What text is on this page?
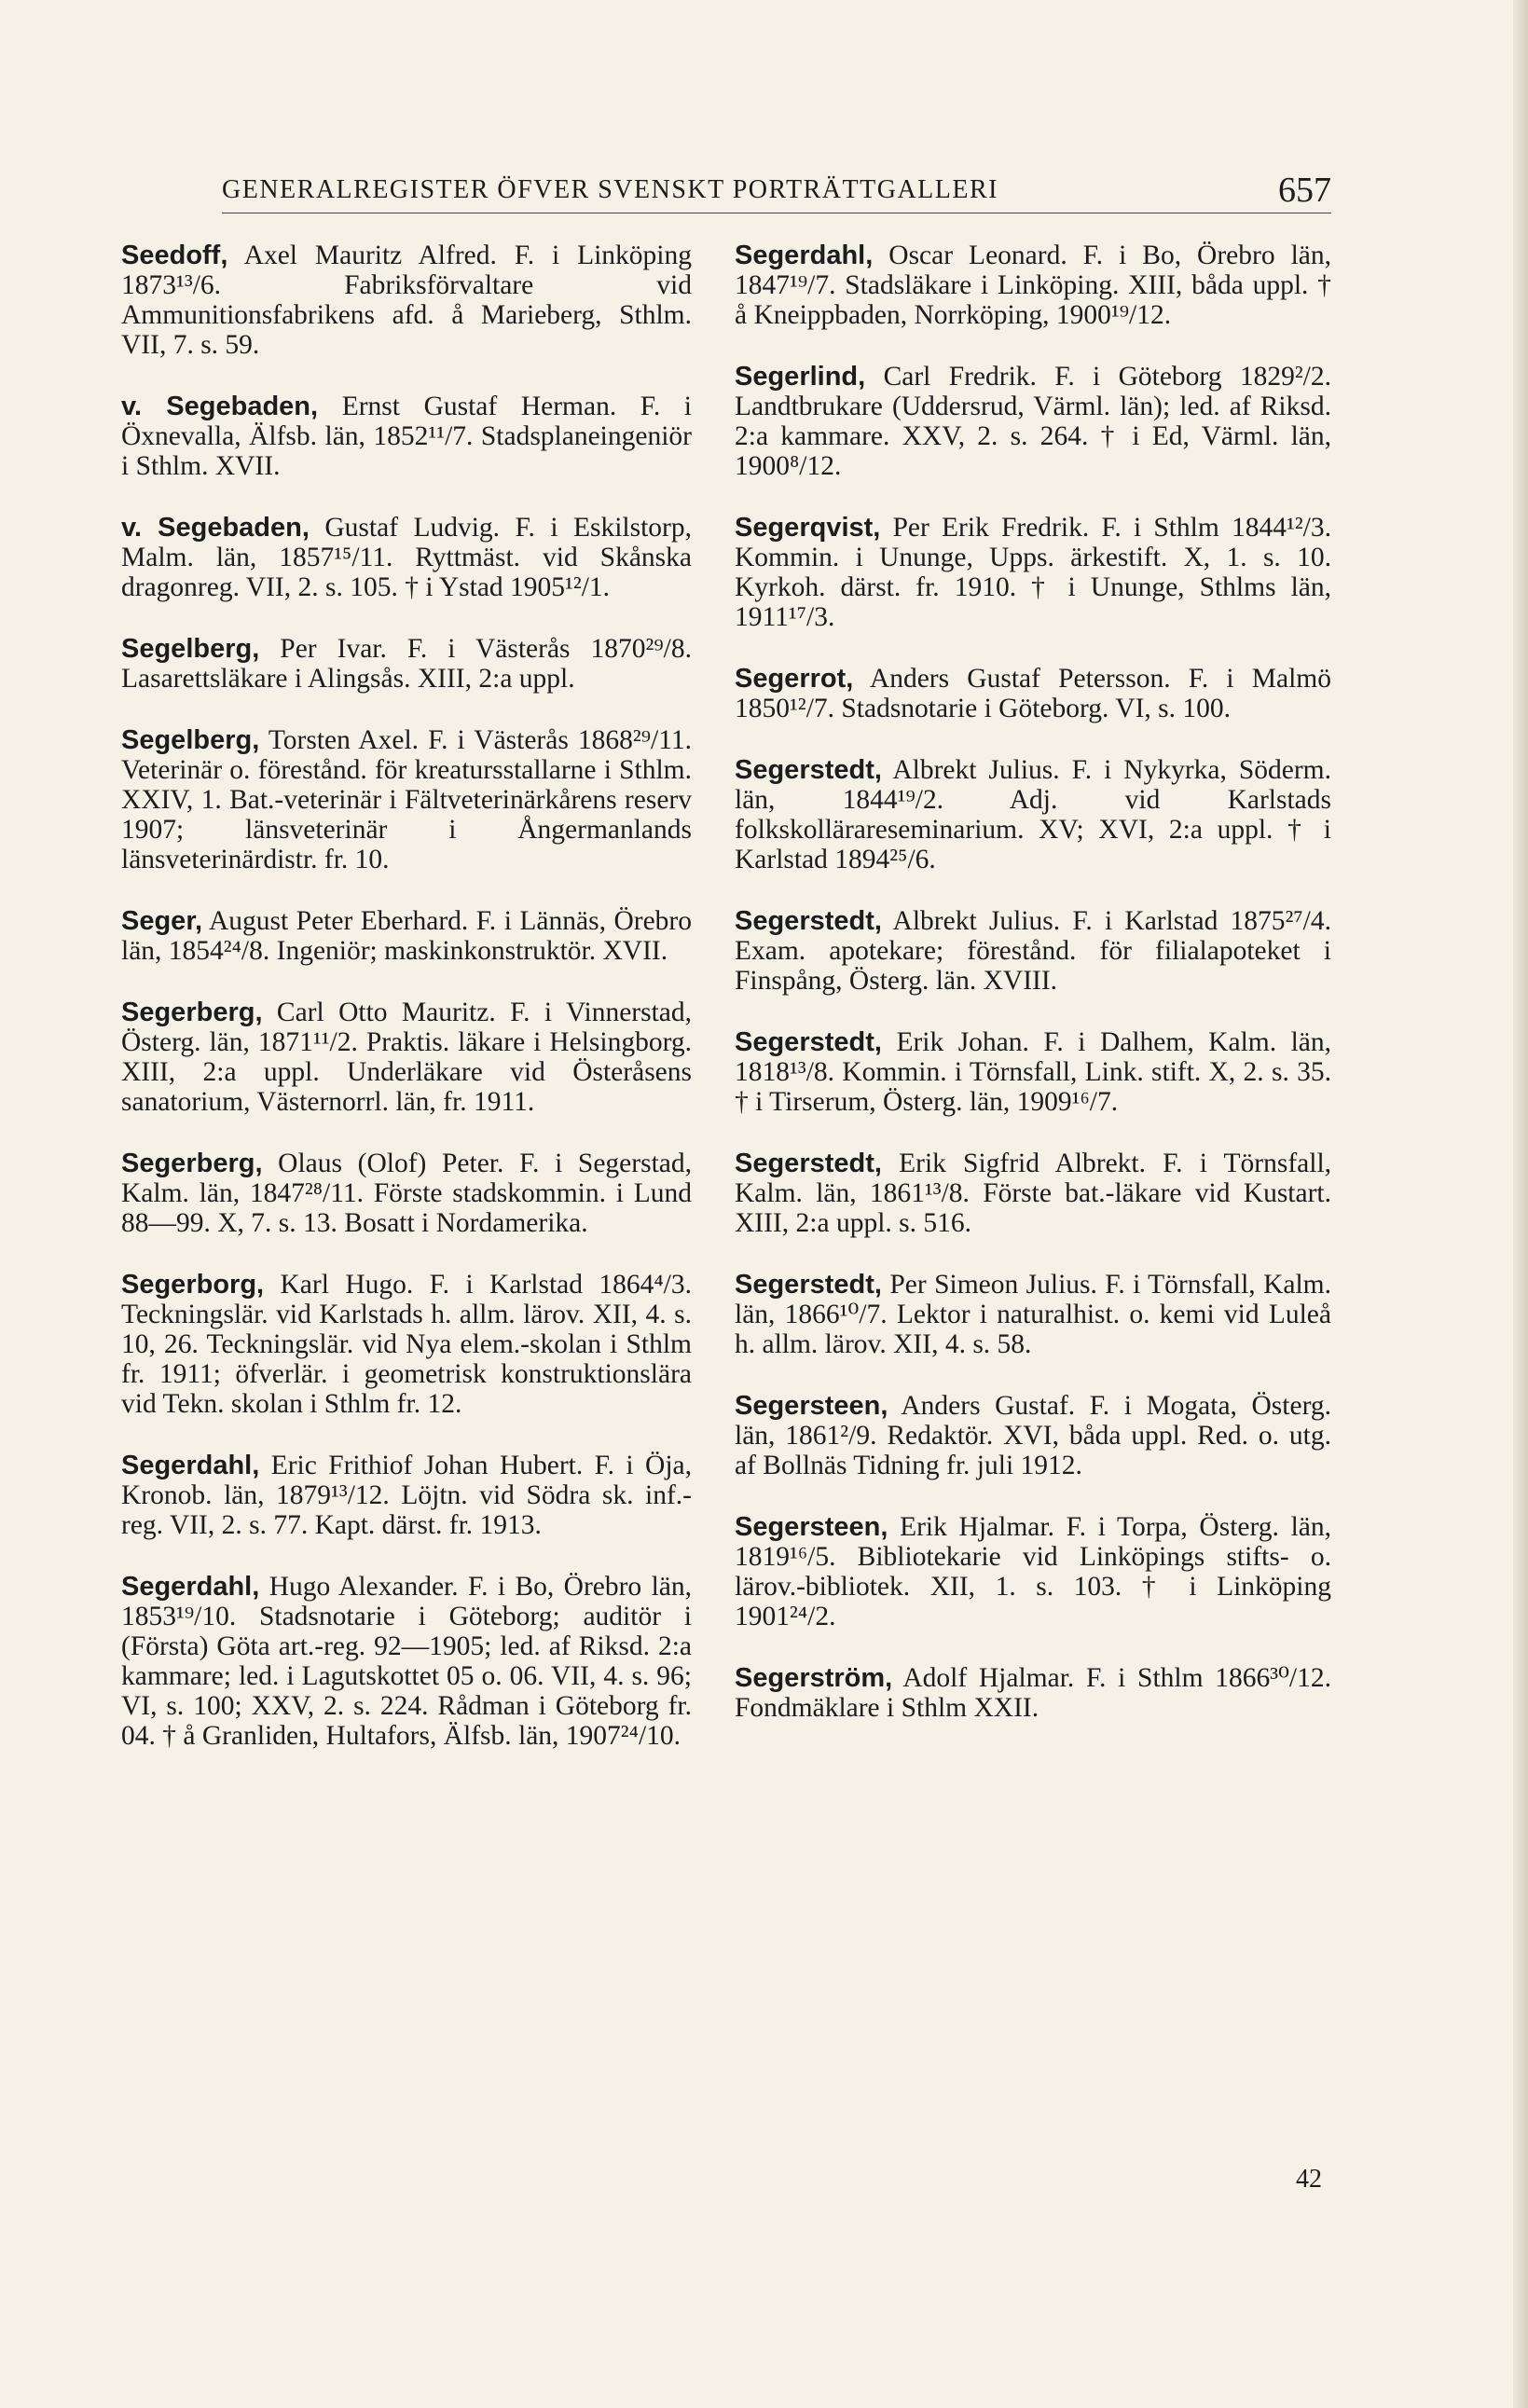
GENERALREGISTER ÖFVER SVENSKT PORTRÄTTGALLERI	657
Seedoff, Axel Mauritz Alfred. F. i Linköping 1873¹³/6. Fabriksförvaltare vid Ammunitionsfabrikens afd. å Marieberg, Sthlm. VII, 7. s. 59.
v. Segebaden, Ernst Gustaf Herman. F. i Öxnevalla, Älfsb. län, 1852¹¹/7. Stadsplaneingeniör i Sthlm. XVII.
v. Segebaden, Gustaf Ludvig. F. i Eskilstorp, Malm. län, 1857¹⁵/11. Ryttmäst. vid Skånska dragonreg. VII, 2. s. 105. † i Ystad 1905¹²/1.
Segelberg, Per Ivar. F. i Västerås 1870²⁹/8. Lasarettsläkare i Alingsås. XIII, 2:a uppl.
Segelberg, Torsten Axel. F. i Västerås 1868²⁹/11. Veterinär o. förestånd. för kreatursstallarne i Sthlm. XXIV, 1. Bat.-veterinär i Fältveterinärkårens reserv 1907; länsveterinär i Ångermanlands länsveterinärdistr. fr. 10.
Seger, August Peter Eberhard. F. i Lännäs, Örebro län, 1854²⁴/8. Ingeniör; maskinkonstruktör. XVII.
Segerberg, Carl Otto Mauritz. F. i Vinnerstad, Österg. län, 1871¹¹/2. Praktis. läkare i Helsingborg. XIII, 2:a uppl. Underläkare vid Österåsens sanatorium, Västernorrl. län, fr. 1911.
Segerberg, Olaus (Olof) Peter. F. i Segerstad, Kalm. län, 1847²⁸/11. Förste stadskommin. i Lund 88—99. X, 7. s. 13. Bosatt i Nordamerika.
Segerborg, Karl Hugo. F. i Karlstad 1864⁴/3. Teckningslär. vid Karlstads h. allm. lärov. XII, 4. s. 10, 26. Teckningslär. vid Nya elem.-skolan i Sthlm fr. 1911; öfverlär. i geometrisk konstruktionslära vid Tekn. skolan i Sthlm fr. 12.
Segerdahl, Eric Frithiof Johan Hubert. F. i Öja, Kronob. län, 1879¹³/12. Löjtn. vid Södra sk. inf.-reg. VII, 2. s. 77. Kapt. därst. fr. 1913.
Segerdahl, Hugo Alexander. F. i Bo, Örebro län, 1853¹⁹/10. Stadsnotarie i Göteborg; auditör i (Första) Göta art.-reg. 92—1905; led. af Riksd. 2:a kammare; led. i Lagutskottet 05 o. 06. VII, 4. s. 96; VI, s. 100; XXV, 2. s. 224. Rådman i Göteborg fr. 04. † å Granliden, Hultafors, Älfsb. län, 1907²⁴/10.
Segerdahl, Oscar Leonard. F. i Bo, Örebro län, 1847¹⁹/7. Stadsläkare i Linköping. XIII, båda uppl. † å Kneippbaden, Norrköping, 1900¹⁹/12.
Segerlind, Carl Fredrik. F. i Göteborg 1829²/2. Landtbrukare (Uddersrud, Värml. län); led. af Riksd. 2:a kammare. XXV, 2. s. 264. † i Ed, Värml. län, 1900⁸/12.
Segerqvist, Per Erik Fredrik. F. i Sthlm 1844¹²/3. Kommin. i Ununge, Upps. ärkestift. X, 1. s. 10. Kyrkoh. därst. fr. 1910. † i Ununge, Sthlms län, 1911¹⁷/3.
Segerrot, Anders Gustaf Petersson. F. i Malmö 1850¹²/7. Stadsnotarie i Göteborg. VI, s. 100.
Segerstedt, Albrekt Julius. F. i Nykyrka, Söderm. län, 1844¹⁹/2. Adj. vid Karlstads folkskollärareseminarium. XV; XVI, 2:a uppl. † i Karlstad 1894²⁵/6.
Segerstedt, Albrekt Julius. F. i Karlstad 1875²⁷/4. Exam. apotekare; förestånd. för filialapoteket i Finspång, Österg. län. XVIII.
Segerstedt, Erik Johan. F. i Dalhem, Kalm. län, 1818¹³/8. Kommin. i Törnsfall, Link. stift. X, 2. s. 35. † i Tirserum, Österg. län, 1909¹⁶/7.
Segerstedt, Erik Sigfrid Albrekt. F. i Törnsfall, Kalm. län, 1861¹³/8. Förste bat.-läkare vid Kustart. XIII, 2:a uppl. s. 516.
Segerstedt, Per Simeon Julius. F. i Törnsfall, Kalm. län, 1866¹⁰/7. Lektor i naturalhist. o. kemi vid Luleå h. allm. lärov. XII, 4. s. 58.
Segersteen, Anders Gustaf. F. i Mogata, Österg. län, 1861²/9. Redaktör. XVI, båda uppl. Red. o. utg. af Bollnäs Tidning fr. juli 1912.
Segersteen, Erik Hjalmar. F. i Torpa, Österg. län, 1819¹⁶/5. Bibliotekarie vid Linköpings stifts- o. lärov.-bibliotek. XII, 1. s. 103. † i Linköping 1901²⁴/2.
Segerström, Adolf Hjalmar. F. i Sthlm 1866³⁰/12. Fondmäklare i Sthlm XXII.
42
